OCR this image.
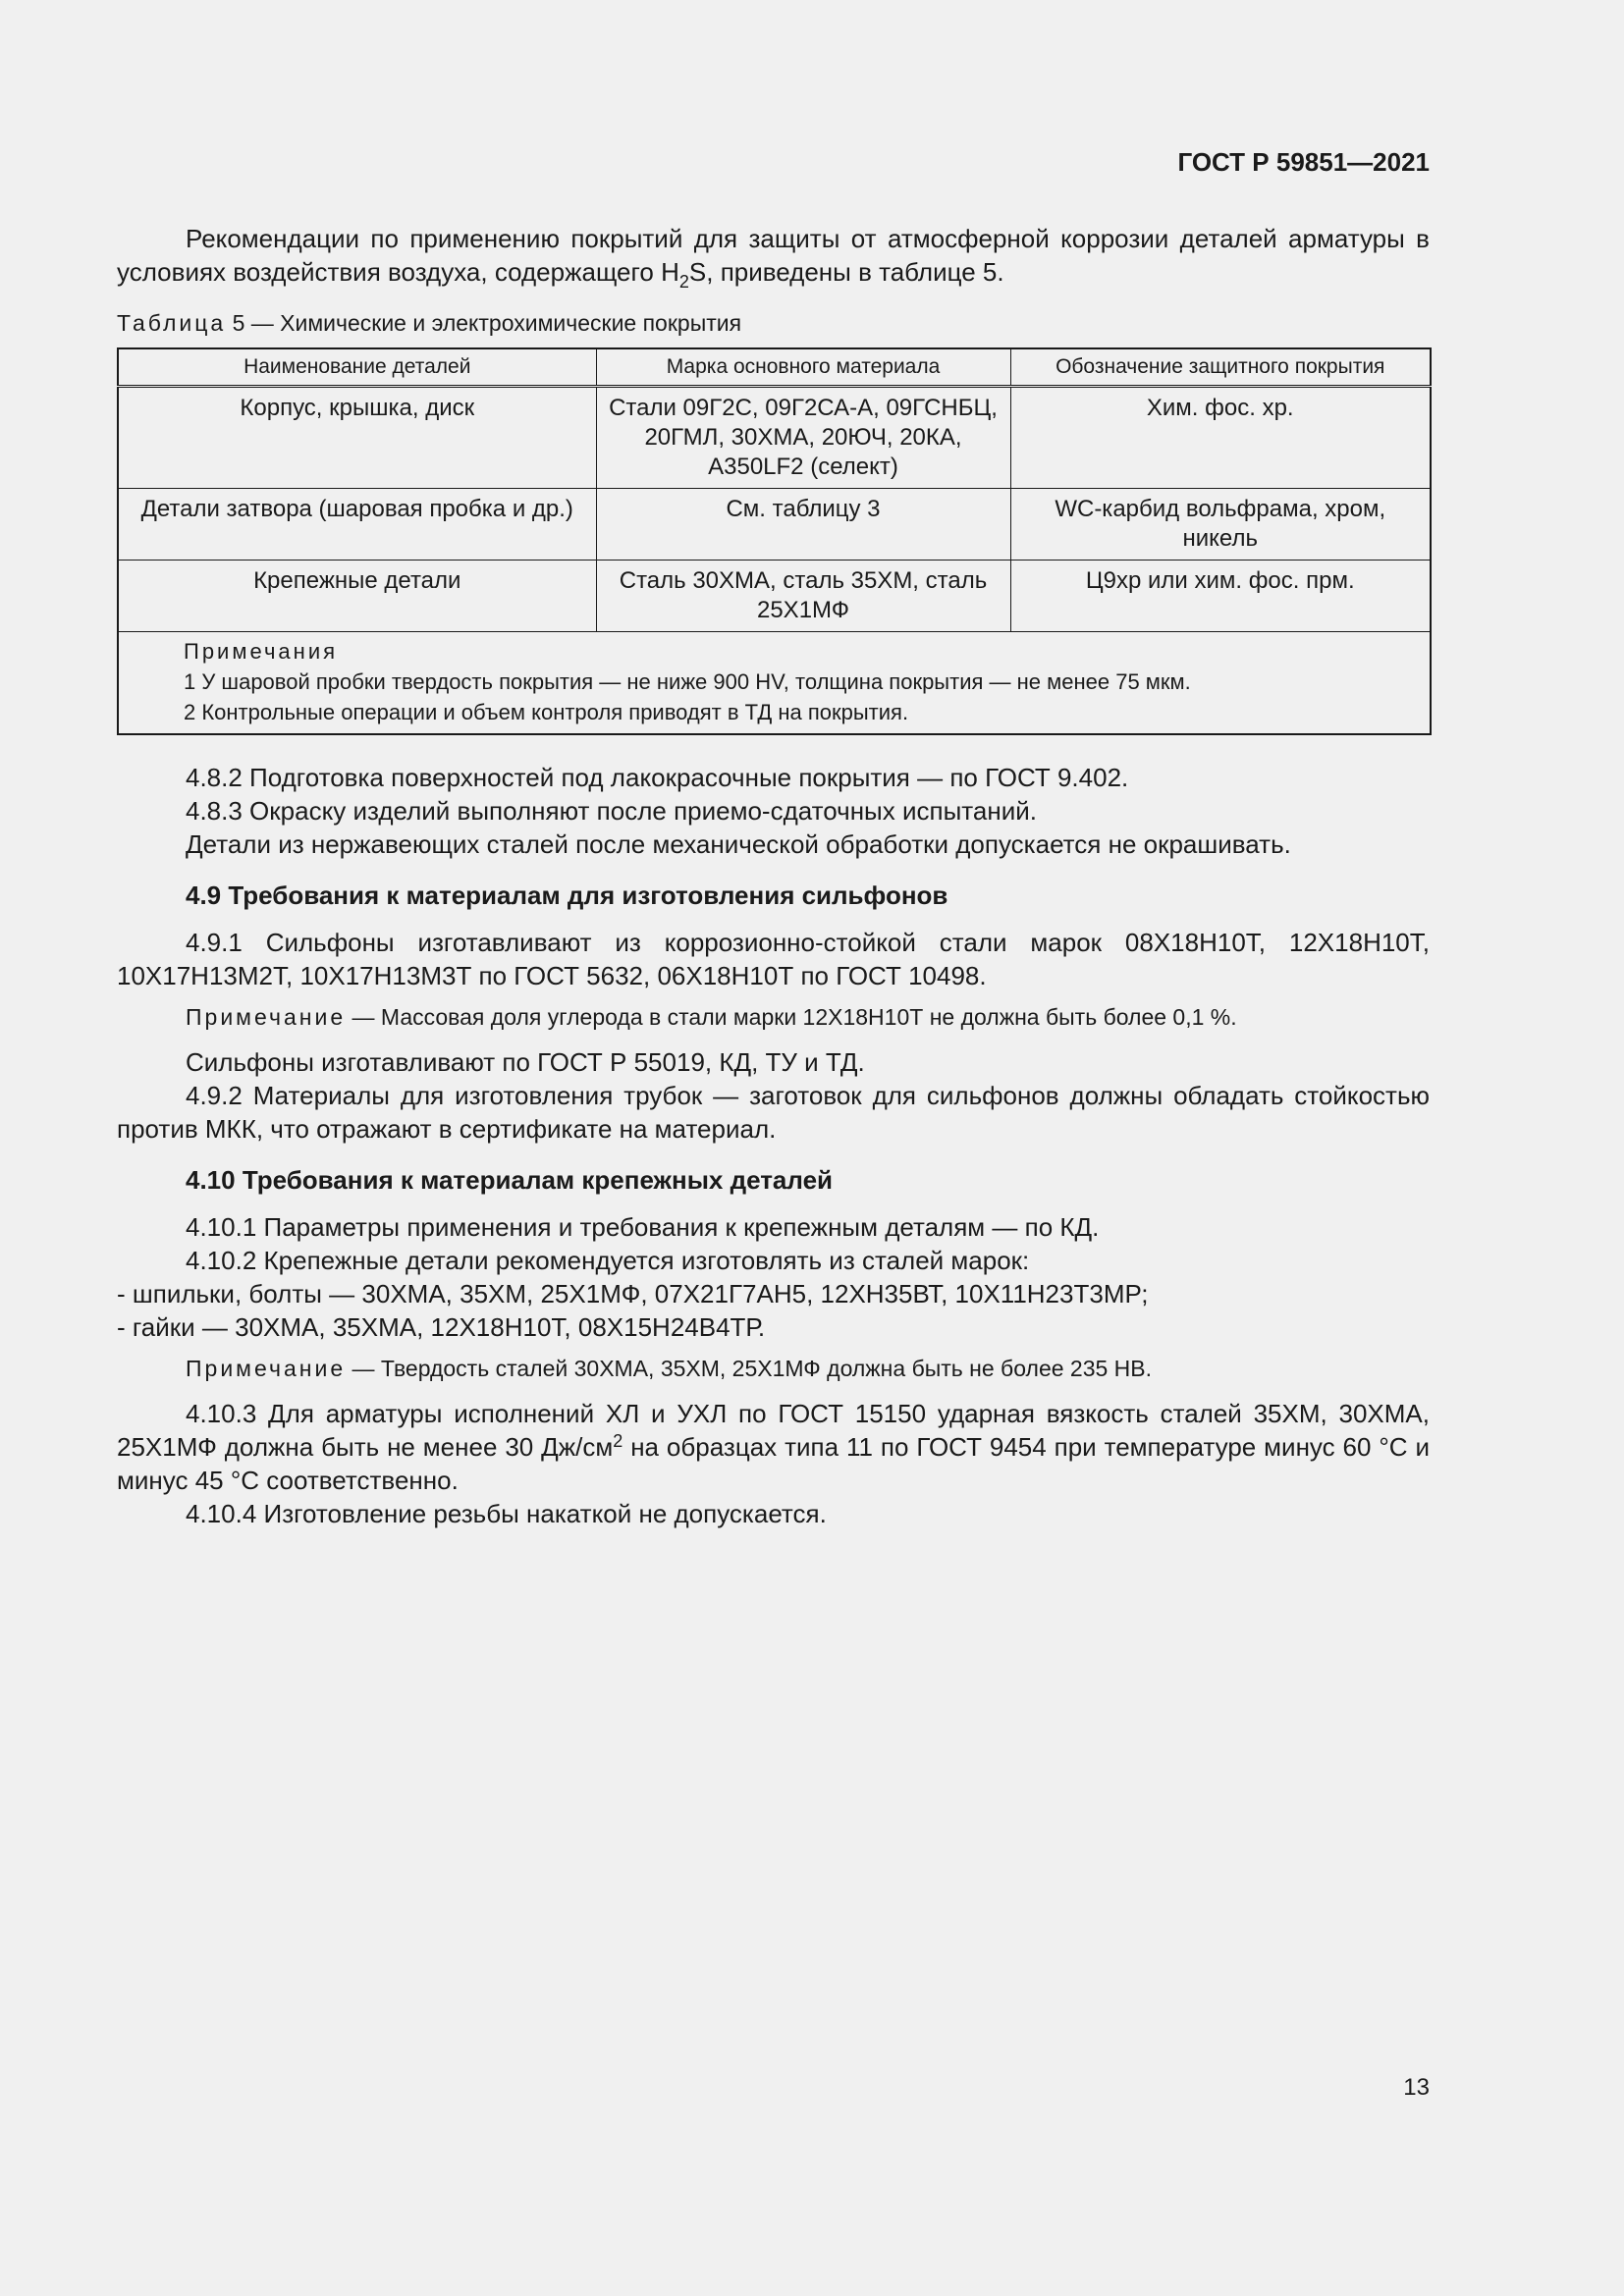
ГОСТ Р 59851—2021

Рекомендации по применению покрытий для защиты от атмосферной коррозии деталей арматуры в условиях воздействия воздуха, содержащего $H_2S$, приведены в таблице 5.

Таблица 5 — Химические и электрохимические покрытия

Наименование деталей	Марка основного материала	Обозначение защитного покрытия
Корпус, крышка, диск	Стали 09Г2С, 09Г2СА-А, 09ГСНБЦ, 20ГМЛ, 30ХМА, 20ЮЧ, 20КА, А350LF2 (селект)	Хим. фос. хр.
Детали затвора (шаровая пробка и др.)	См. таблицу 3	WC-карбид вольфрама, хром, никель
Крепежные детали	Сталь 30ХМА, сталь 35ХМ, сталь 25Х1МФ	Ц9хр или хим. фос. прм.

Примечания
1 У шаровой пробки твердость покрытия — не ниже 900 HV, толщина покрытия — не менее 75 мкм.
2 Контрольные операции и объем контроля приводят в ТД на покрытия.		

4.8.2 Подготовка поверхностей под лакокрасочные покрытия — по ГОСТ 9.402.

4.8.3 Окраску изделий выполняют после приемо-сдаточных испытаний.

Детали из нержавеющих сталей после механической обработки допускается не окрашивать.

4.9 Требования к материалам для изготовления сильфонов

4.9.1 Сильфоны изготавливают из коррозионно-стойкой стали марок 08Х18Н10Т, 12Х18Н10Т, 10Х17Н13М2Т, 10Х17Н13М3Т по ГОСТ 5632, 06Х18Н10Т по ГОСТ 10498.

Примечание — Массовая доля углерода в стали марки 12Х18Н10Т не должна быть более 0,1 %.

Сильфоны изготавливают по ГОСТ Р 55019, КД, ТУ и ТД.

4.9.2 Материалы для изготовления трубок — заготовок для сильфонов должны обладать стойкостью против МКК, что отражают в сертификате на материал.

4.10 Требования к материалам крепежных деталей

4.10.1 Параметры применения и требования к крепежным деталям — по КД.

4.10.2 Крепежные детали рекомендуется изготовлять из сталей марок:

- шпильки, болты — 30ХМА, 35ХМ, 25Х1МФ, 07Х21Г7АН5, 12ХН35ВТ, 10Х11Н23Т3МР;

- гайки — 30ХМА, 35ХМА, 12Х18Н10Т, 08Х15Н24В4ТР.

Примечание — Твердость сталей 30ХМА, 35ХМ, 25Х1МФ должна быть не более 235 НВ.

4.10.3 Для арматуры исполнений ХЛ и УХЛ по ГОСТ 15150 ударная вязкость сталей 35ХМ, 30ХМА, 25Х1МФ должна быть не менее 30 $Дж/см^2$ на образцах типа 11 по ГОСТ 9454 при температуре минус 60 °С и минус 45 °С соответственно.

4.10.4 Изготовление резьбы накаткой не допускается.

13
